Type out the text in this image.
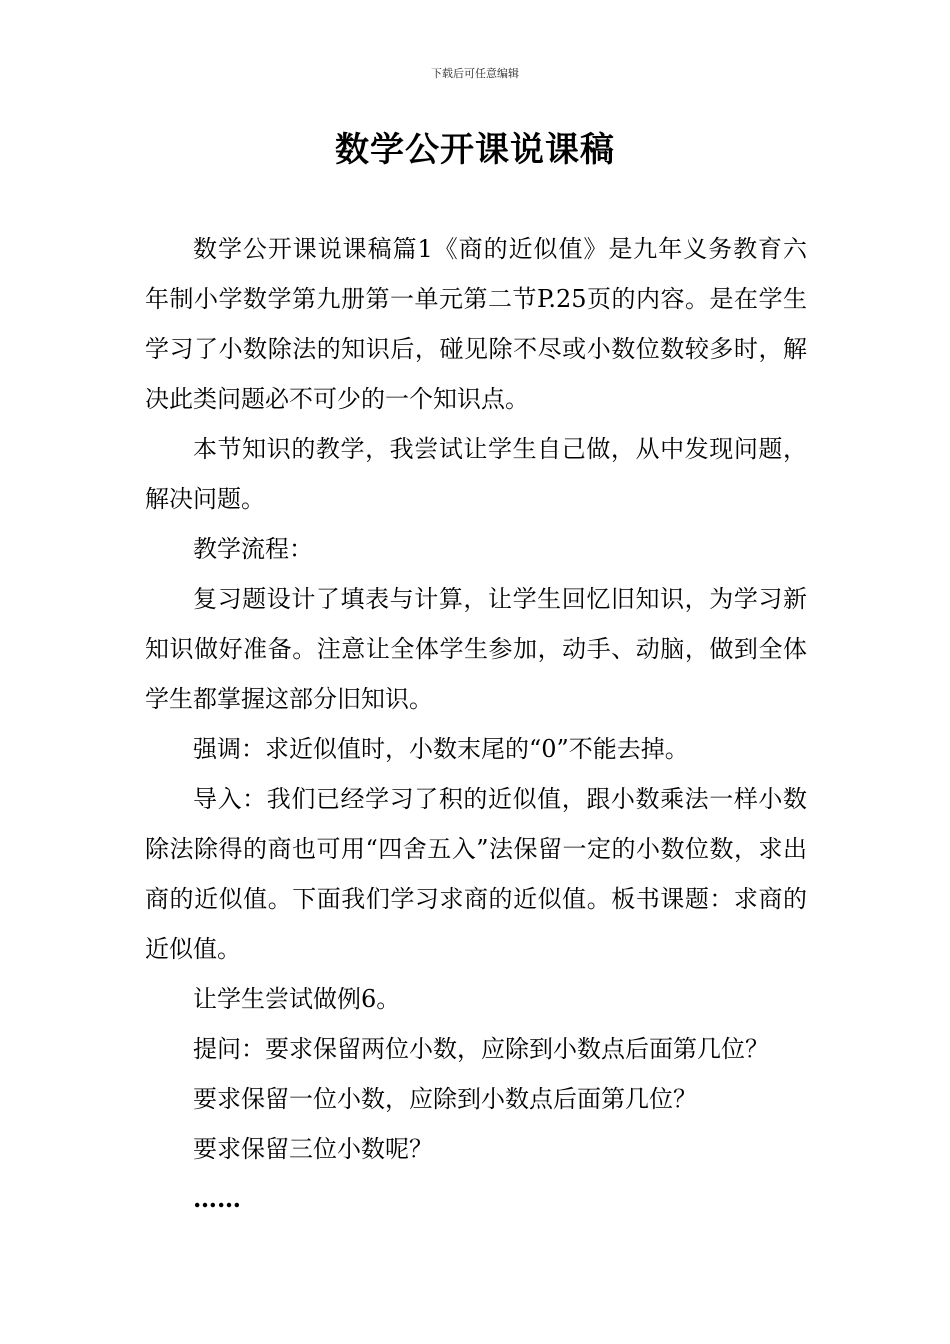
下载后可任意编辑
数学公开课说课稿

数学公开课说课稿篇1《商的近似值》是九年义务教育六年制小学数学第九册第一单元第二节P.25页的内容。是在学生学习了小数除法的知识后，碰见除不尽或小数位数较多时，解决此类问题必不可少的一个知识点。

本节知识的教学，我尝试让学生自己做，从中发现问题，解决问题。

教学流程：

复习题设计了填表与计算，让学生回忆旧知识，为学习新知识做好准备。注意让全体学生参加，动手、动脑，做到全体学生都掌握这部分旧知识。

强调：求近似值时，小数末尾的“0”不能去掉。

导入：我们已经学习了积的近似值，跟小数乘法一样小数除法除得的商也可用“四舍五入”法保留一定的小数位数，求出商的近似值。下面我们学习求商的近似值。板书课题：求商的近似值。

让学生尝试做例6。

提问：要求保留两位小数，应除到小数点后面第几位？

要求保留一位小数，应除到小数点后面第几位？

要求保留三位小数呢？

……
